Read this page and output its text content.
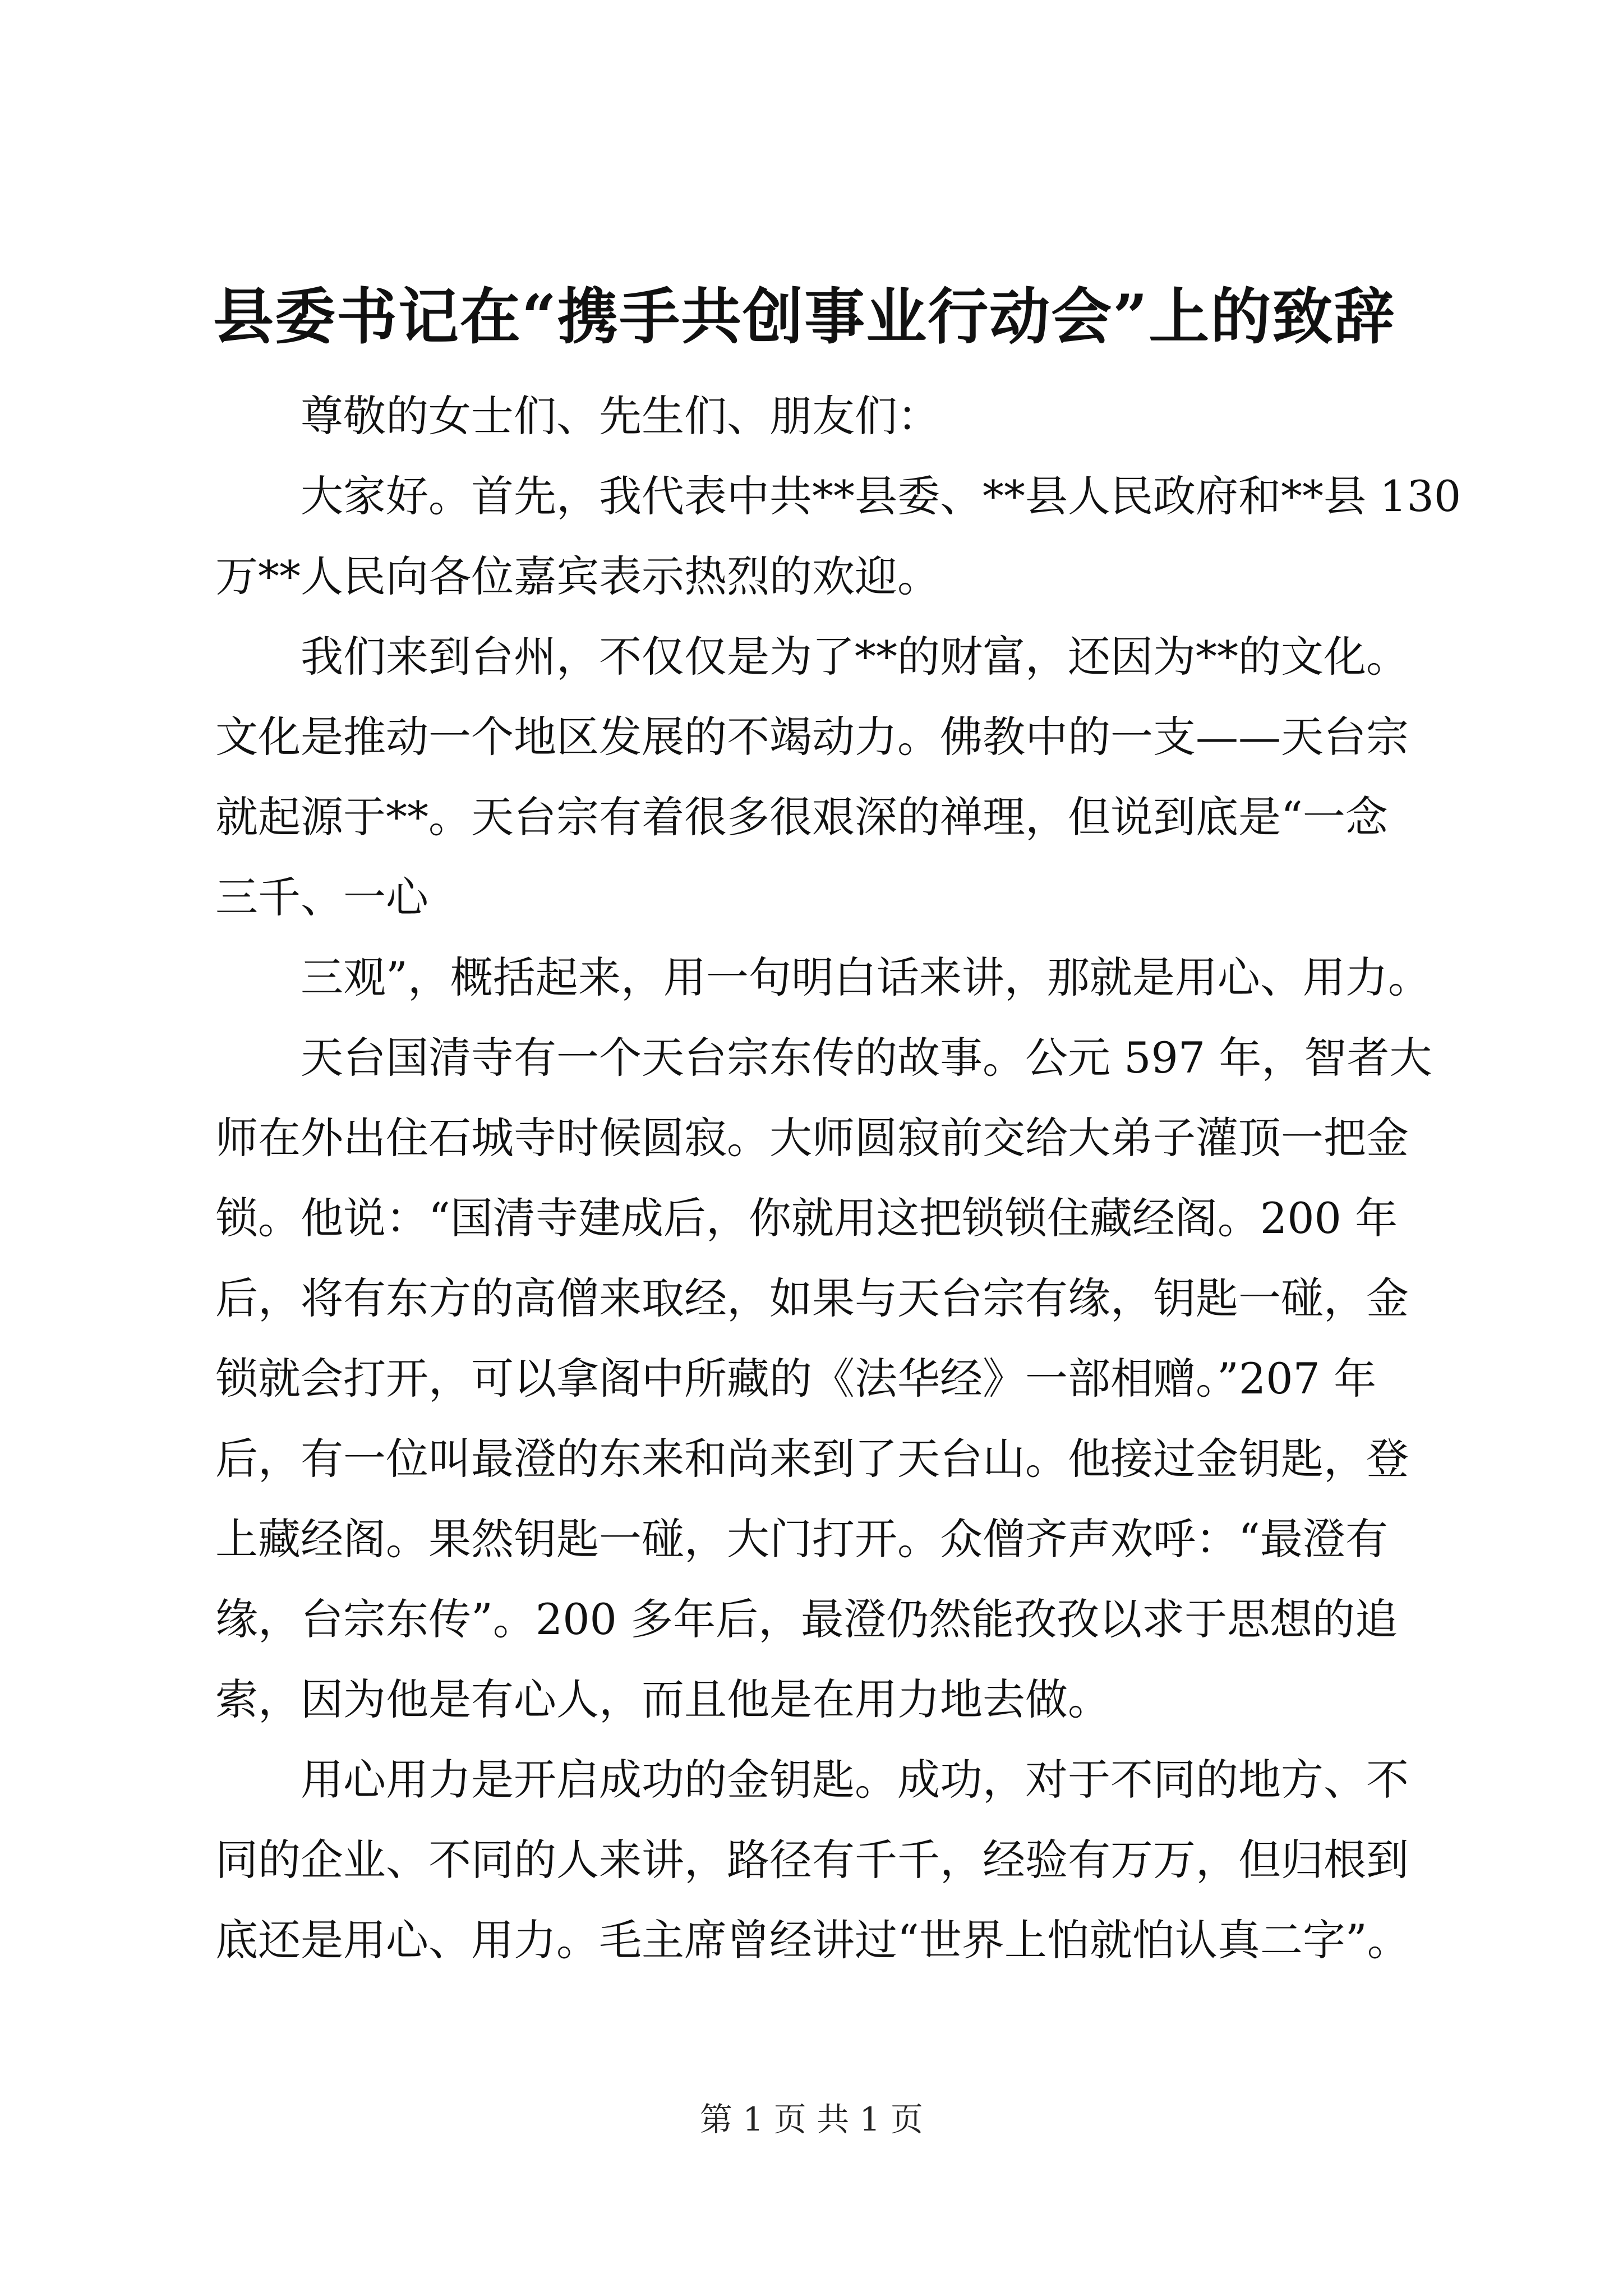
县委书记在“携手共创事业行动会”上的致辞
尊敬的女士们、先生们、朋友们：
大家好。首先，我代表中共**县委、**县人民政府和**县 130
万**人民向各位嘉宾表示热烈的欢迎。
我们来到台州，不仅仅是为了**的财富，还因为**的文化。
文化是推动一个地区发展的不竭动力。佛教中的一支——天台宗
就起源于**。天台宗有着很多很艰深的禅理，但说到底是“一念
三千、一心
三观”，概括起来，用一句明白话来讲，那就是用心、用力。
天台国清寺有一个天台宗东传的故事。公元 597 年，智者大
师在外出住石城寺时候圆寂。大师圆寂前交给大弟子灌顶一把金
锁。他说：“国清寺建成后，你就用这把锁锁住藏经阁。200 年
后，将有东方的高僧来取经，如果与天台宗有缘，钥匙一碰，金
锁就会打开，可以拿阁中所藏的《法华经》一部相赠。”207 年
后，有一位叫最澄的东来和尚来到了天台山。他接过金钥匙，登
上藏经阁。果然钥匙一碰，大门打开。众僧齐声欢呼：“最澄有
缘，台宗东传”。200 多年后，最澄仍然能孜孜以求于思想的追
索，因为他是有心人，而且他是在用力地去做。
用心用力是开启成功的金钥匙。成功，对于不同的地方、不
同的企业、不同的人来讲，路径有千千，经验有万万，但归根到
底还是用心、用力。毛主席曾经讲过“世界上怕就怕认真二字”。
第 1 页 共 1 页
